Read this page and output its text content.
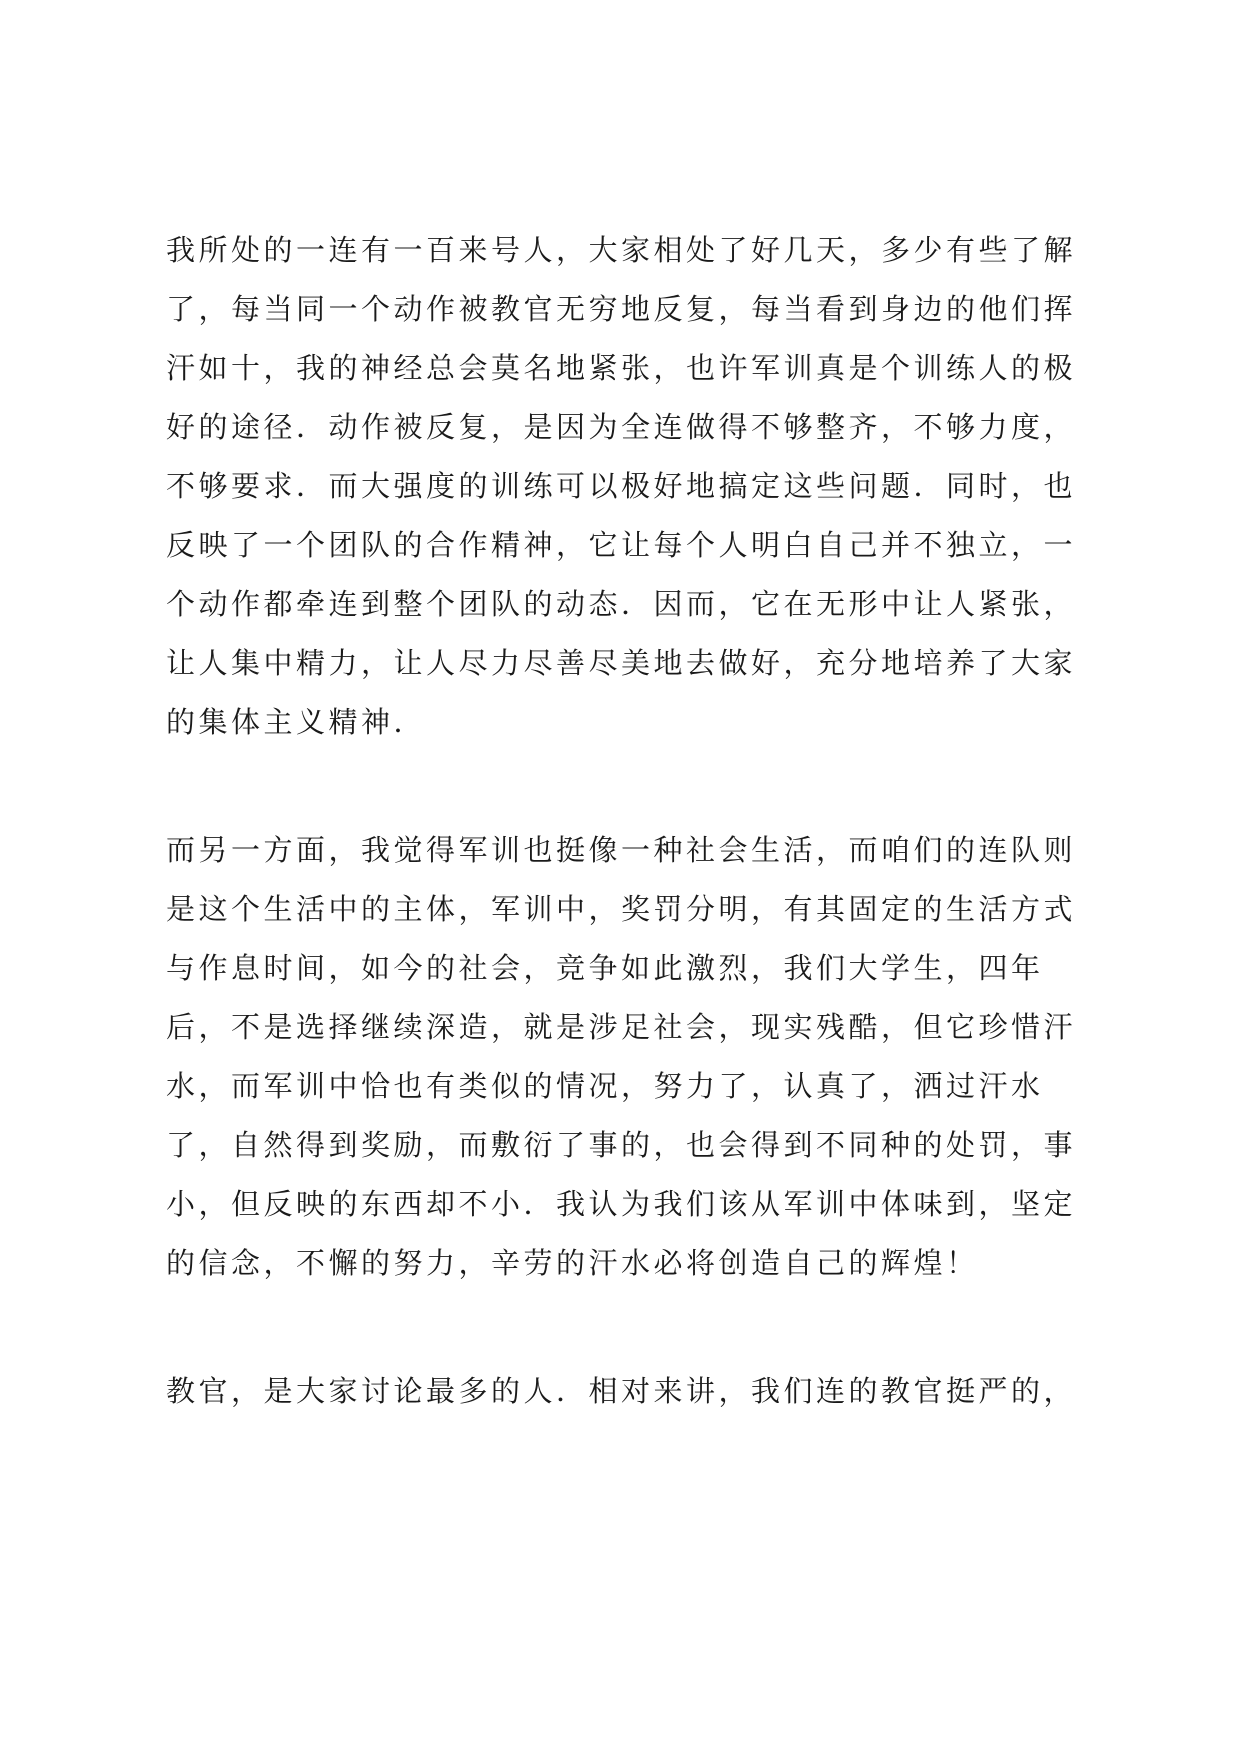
我所处的一连有一百来号人，大家相处了好几天，多少有些了解
了，每当同一个动作被教官无穷地反复，每当看到身边的他们挥
汗如十，我的神经总会莫名地紧张，也许军训真是个训练人的极
好的途径．动作被反复，是因为全连做得不够整齐，不够力度，
不够要求．而大强度的训练可以极好地搞定这些问题．同时，也
反映了一个团队的合作精神，它让每个人明白自己并不独立，一
个动作都牵连到整个团队的动态．因而，它在无形中让人紧张，
让人集中精力，让人尽力尽善尽美地去做好，充分地培养了大家
的集体主义精神．

而另一方面，我觉得军训也挺像一种社会生活，而咱们的连队则
是这个生活中的主体，军训中，奖罚分明，有其固定的生活方式
与作息时间，如今的社会，竞争如此激烈，我们大学生，四年
后，不是选择继续深造，就是涉足社会，现实残酷，但它珍惜汗
水，而军训中恰也有类似的情况，努力了，认真了，洒过汗水
了，自然得到奖励，而敷衍了事的，也会得到不同种的处罚，事
小，但反映的东西却不小．我认为我们该从军训中体味到，坚定
的信念，不懈的努力，辛劳的汗水必将创造自己的辉煌！

教官，是大家讨论最多的人．相对来讲，我们连的教官挺严的，
